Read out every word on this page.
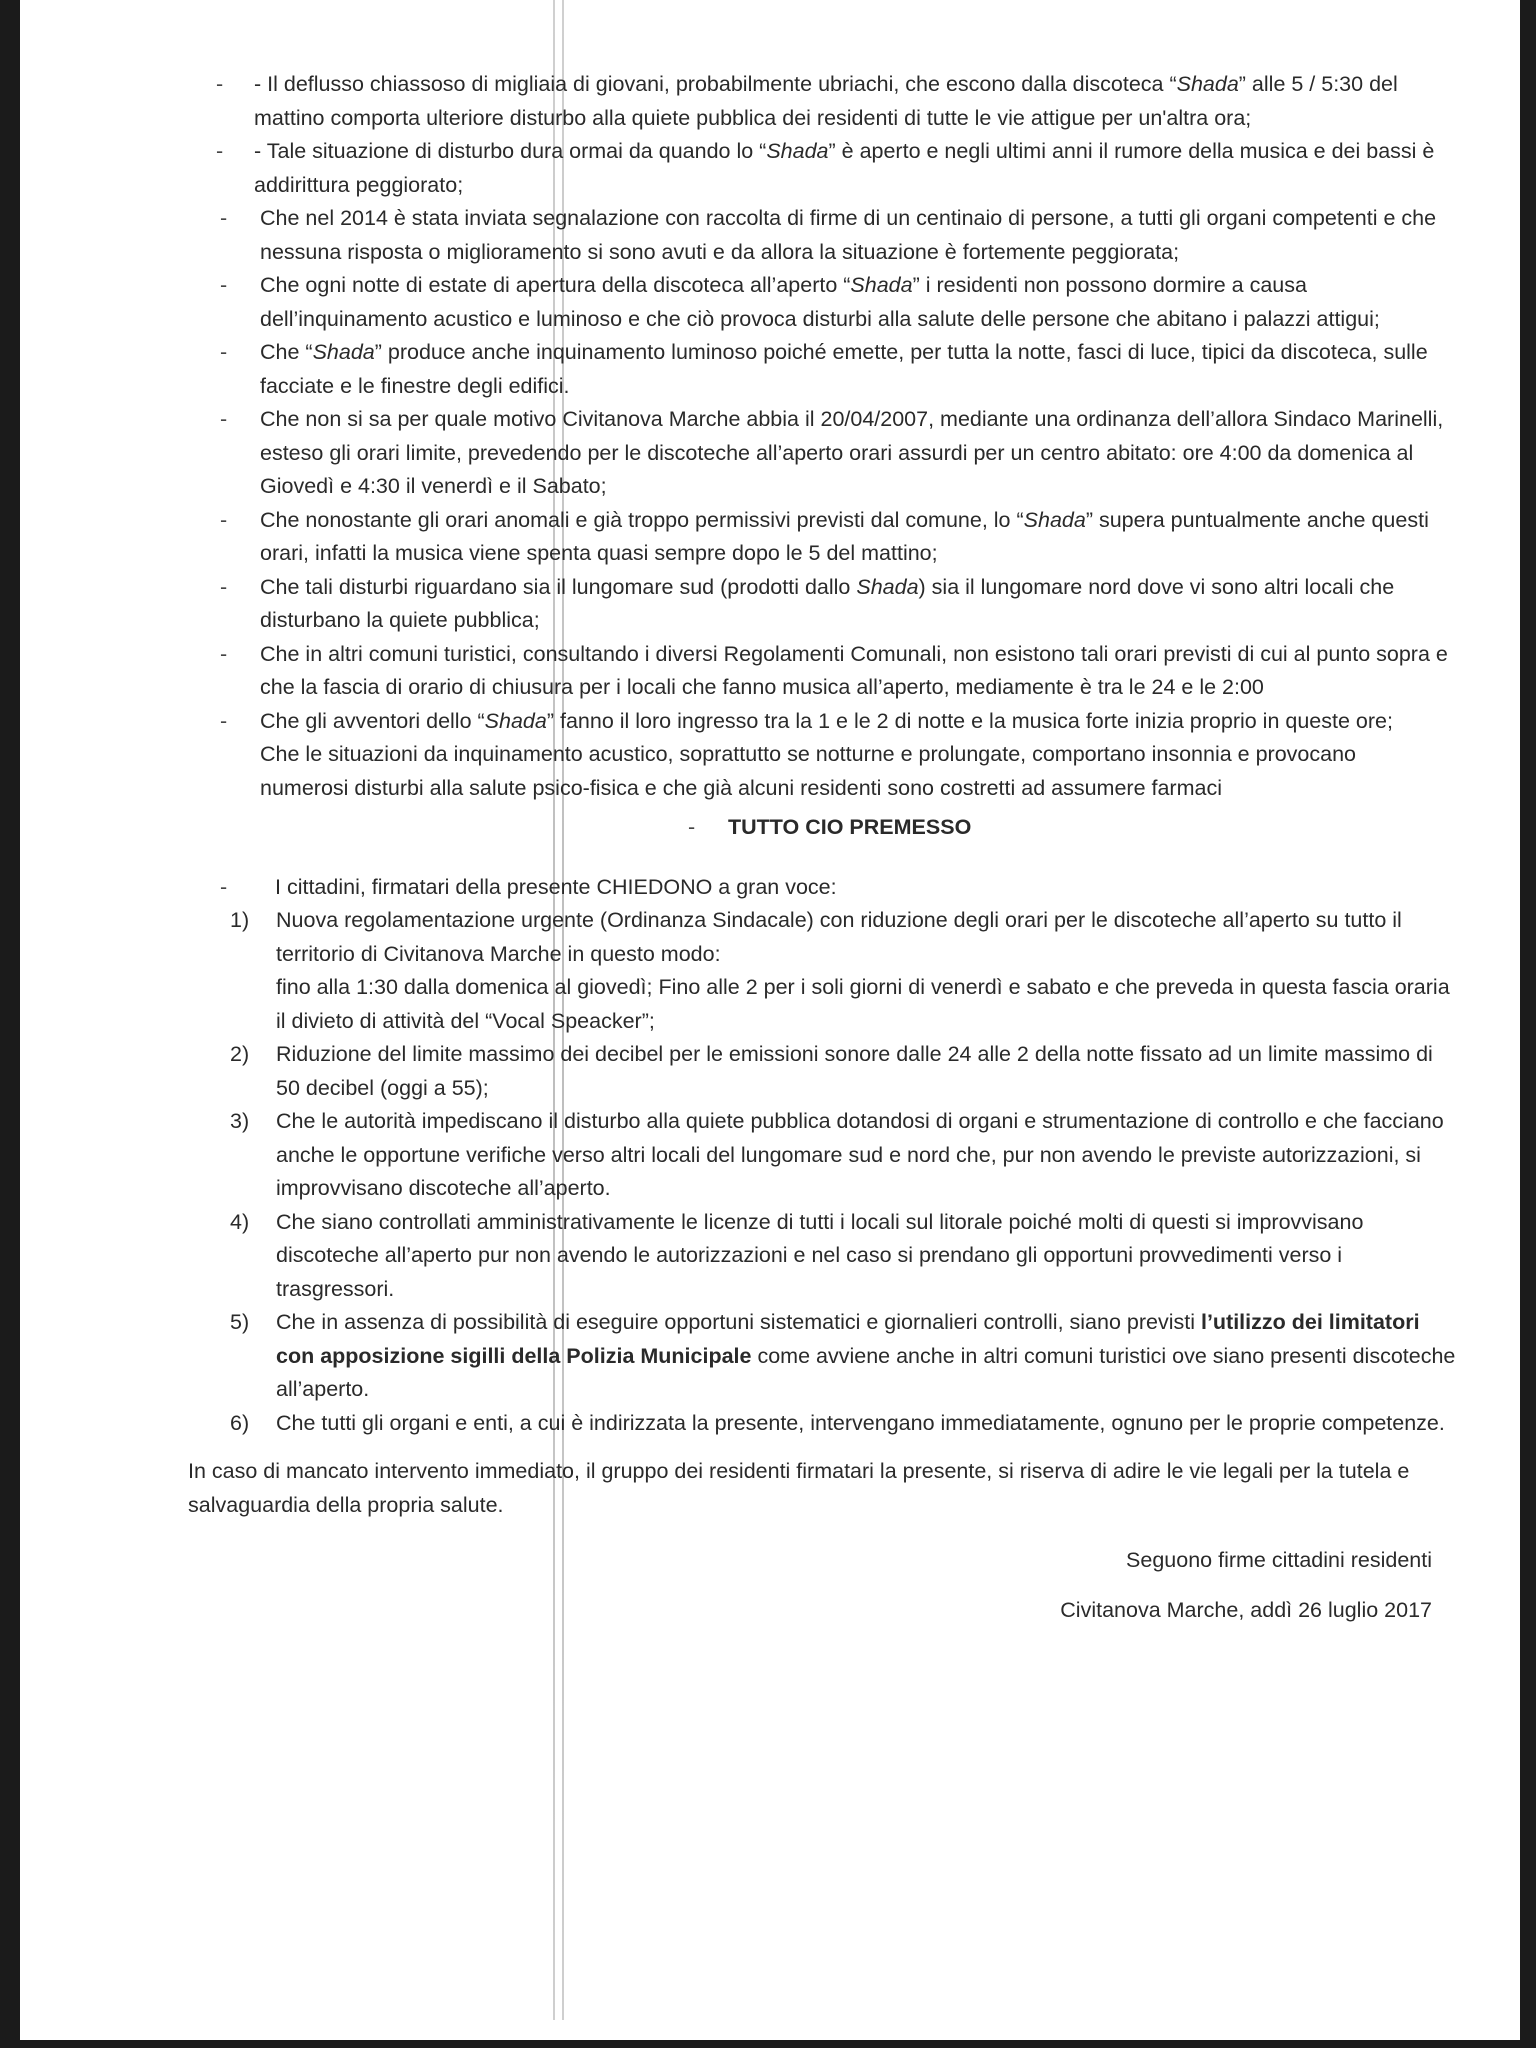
- - Il deflusso chiassoso di migliaia di giovani, probabilmente ubriachi, che escono dalla discoteca “Shada” alle 5 / 5:30 del mattino comporta ulteriore disturbo alla quiete pubblica dei residenti di tutte le vie attigue per un'altra ora;
- - Tale situazione di disturbo dura ormai da quando lo “Shada” è aperto e negli ultimi anni il rumore della musica e dei bassi è addirittura peggiorato;
- Che nel 2014 è stata inviata segnalazione con raccolta di firme di un centinaio di persone, a tutti gli organi competenti e che nessuna risposta o miglioramento si sono avuti e da allora la situazione è fortemente peggiorata;
- Che ogni notte di estate di apertura della discoteca all’aperto “Shada” i residenti non possono dormire a causa dell’inquinamento acustico e luminoso e che ciò provoca disturbi alla salute delle persone che abitano i palazzi attigui;
- Che “Shada” produce anche inquinamento luminoso poiché emette, per tutta la notte, fasci di luce, tipici da discoteca, sulle facciate e le finestre degli edifici.
- Che non si sa per quale motivo Civitanova Marche abbia il 20/04/2007, mediante una ordinanza dell’allora Sindaco Marinelli, esteso gli orari limite, prevedendo per le discoteche all’aperto orari assurdi per un centro abitato: ore 4:00 da domenica al Giovedì e 4:30 il venerdì e il Sabato;
- Che nonostante gli orari anomali e già troppo permissivi previsti dal comune, lo “Shada” supera puntualmente anche questi orari, infatti la musica viene spenta quasi sempre dopo le 5 del mattino;
- Che tali disturbi riguardano sia il lungomare sud (prodotti dallo Shada) sia il lungomare nord dove vi sono altri locali che disturbano la quiete pubblica;
- Che in altri comuni turistici, consultando i diversi Regolamenti Comunali, non esistono tali orari previsti di cui al punto sopra e che la fascia di orario di chiusura per i locali che fanno musica all’aperto, mediamente è tra le 24 e le 2:00
- Che gli avventori dello “Shada” fanno il loro ingresso tra la 1 e le 2 di notte e la musica forte inizia proprio in queste ore;
Che le situazioni da inquinamento acustico, soprattutto se notturne e prolungate, comportano insonnia e provocano numerosi disturbi alla salute psico-fisica e che già alcuni residenti sono costretti ad assumere farmaci
- TUTTO CIO PREMESSO
- I cittadini, firmatari della presente CHIEDONO a gran voce:
1) Nuova regolamentazione urgente (Ordinanza Sindacale) con riduzione degli orari per le discoteche all’aperto su tutto il territorio di Civitanova Marche in questo modo:
fino alla 1:30 dalla domenica al giovedì; Fino alle 2 per i soli giorni di venerdì e sabato e che preveda in questa fascia oraria il divieto di attività del “Vocal Speacker”;
2) Riduzione del limite massimo dei decibel per le emissioni sonore dalle 24 alle 2 della notte fissato ad un limite massimo di 50 decibel (oggi a 55);
3) Che le autorità impediscano il disturbo alla quiete pubblica dotandosi di organi e strumentazione di controllo e che facciano anche le opportune verifiche verso altri locali del lungomare sud e nord che, pur non avendo le previste autorizzazioni, si improvvisano discoteche all’aperto.
4) Che siano controllati amministrativamente le licenze di tutti i locali sul litorale poiché molti di questi si improvvisano discoteche all’aperto pur non avendo le autorizzazioni e nel caso si prendano gli opportuni provvedimenti verso i trasgressori.
5) Che in assenza di possibilità di eseguire opportuni sistematici e giornalieri controlli, siano previsti l’utilizzo dei limitatori con apposizione sigilli della Polizia Municipale come avviene anche in altri comuni turistici ove siano presenti discoteche all’aperto.
6) Che tutti gli organi e enti, a cui è indirizzata la presente, intervengano immediatamente, ognuno per le proprie competenze.
In caso di mancato intervento immediato, il gruppo dei residenti firmatari la presente, si riserva di adire le vie legali per la tutela e salvaguardia della propria salute.
Seguono firme cittadini residenti
Civitanova Marche, addì 26 luglio 2017
